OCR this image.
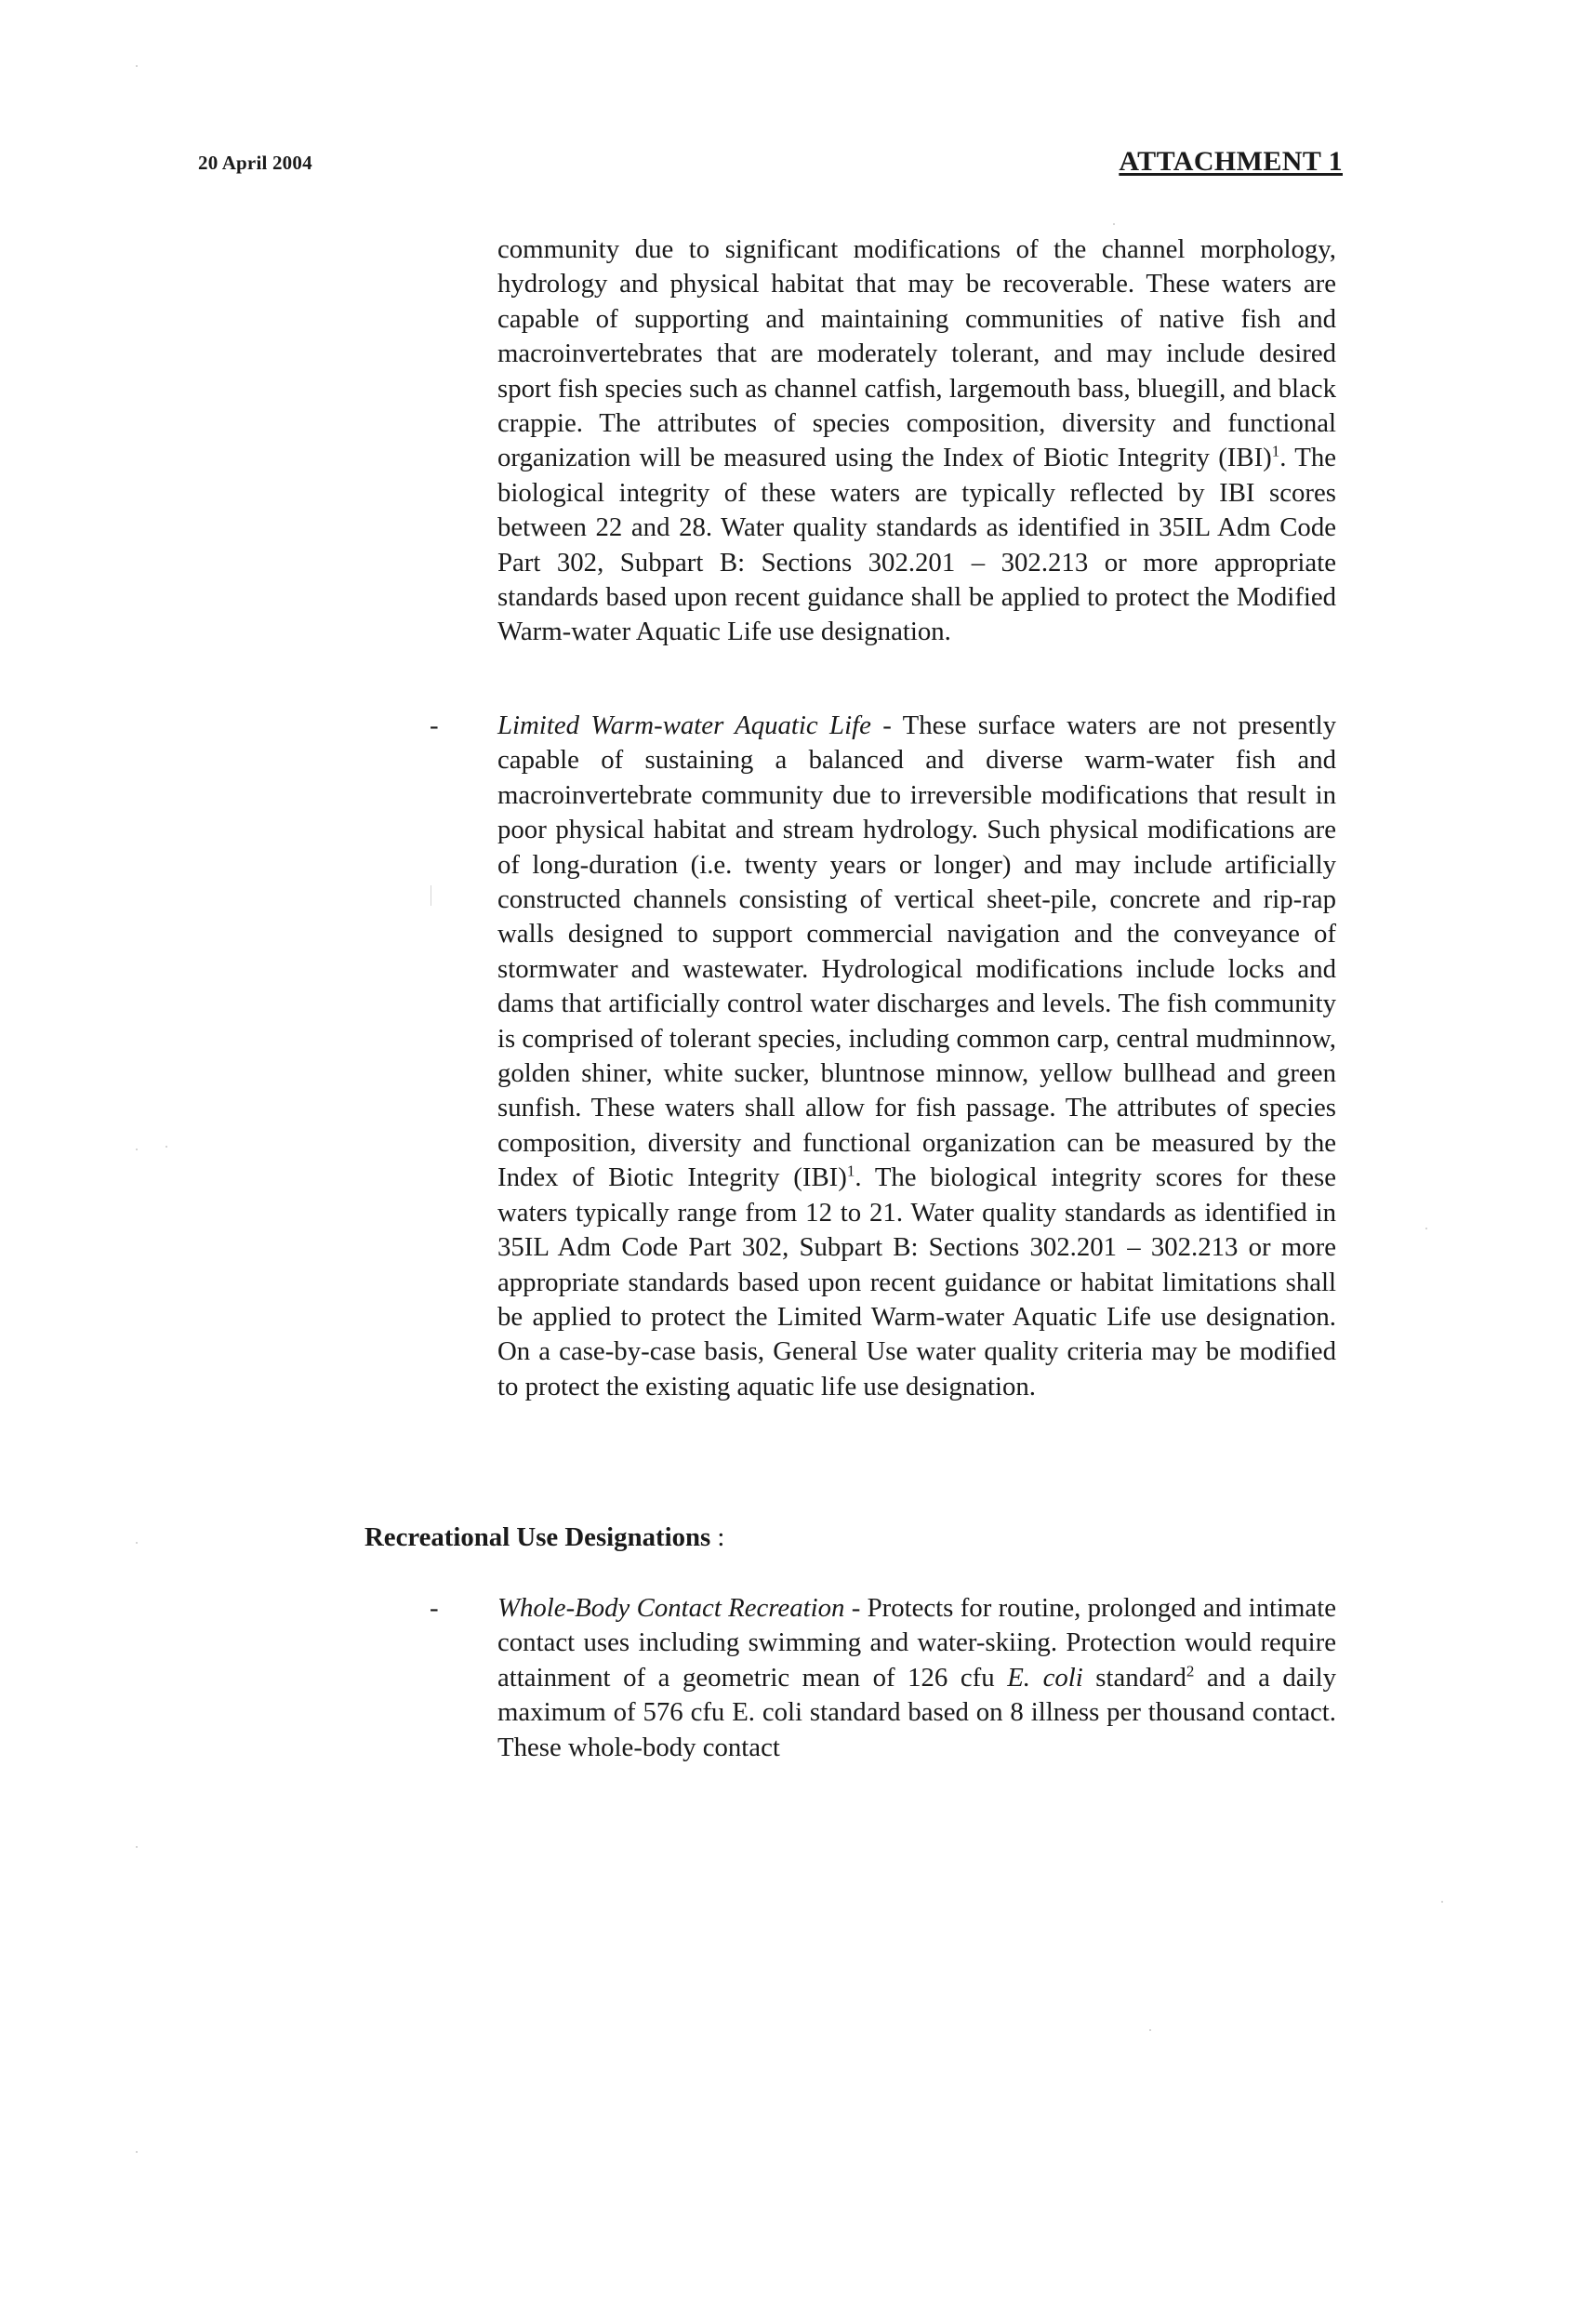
20 April 2004	ATTACHMENT 1
community due to significant modifications of the channel morphology, hydrology and physical habitat that may be recoverable. These waters are capable of supporting and maintaining communities of native fish and macroinvertebrates that are moderately tolerant, and may include desired sport fish species such as channel catfish, largemouth bass, bluegill, and black crappie. The attributes of species composition, diversity and functional organization will be measured using the Index of Biotic Integrity (IBI)$^1$. The biological integrity of these waters are typically reflected by IBI scores between 22 and 28. Water quality standards as identified in 35IL Adm Code Part 302, Subpart B: Sections 302.201 – 302.213 or more appropriate standards based upon recent guidance shall be applied to protect the Modified Warm-water Aquatic Life use designation.
- Limited Warm-water Aquatic Life - These surface waters are not presently capable of sustaining a balanced and diverse warm-water fish and macroinvertebrate community due to irreversible modifications that result in poor physical habitat and stream hydrology. Such physical modifications are of long-duration (i.e. twenty years or longer) and may include artificially constructed channels consisting of vertical sheet-pile, concrete and rip-rap walls designed to support commercial navigation and the conveyance of stormwater and wastewater. Hydrological modifications include locks and dams that artificially control water discharges and levels. The fish community is comprised of tolerant species, including common carp, central mudminnow, golden shiner, white sucker, bluntnose minnow, yellow bullhead and green sunfish. These waters shall allow for fish passage. The attributes of species composition, diversity and functional organization can be measured by the Index of Biotic Integrity (IBI)$^1$. The biological integrity scores for these waters typically range from 12 to 21. Water quality standards as identified in 35IL Adm Code Part 302, Subpart B: Sections 302.201 – 302.213 or more appropriate standards based upon recent guidance or habitat limitations shall be applied to protect the Limited Warm-water Aquatic Life use designation. On a case-by-case basis, General Use water quality criteria may be modified to protect the existing aquatic life use designation.
Recreational Use Designations :
- Whole-Body Contact Recreation - Protects for routine, prolonged and intimate contact uses including swimming and water-skiing. Protection would require attainment of a geometric mean of 126 cfu E. coli standard$^2$ and a daily maximum of 576 cfu E. coli standard based on 8 illness per thousand contact. These whole-body contact
